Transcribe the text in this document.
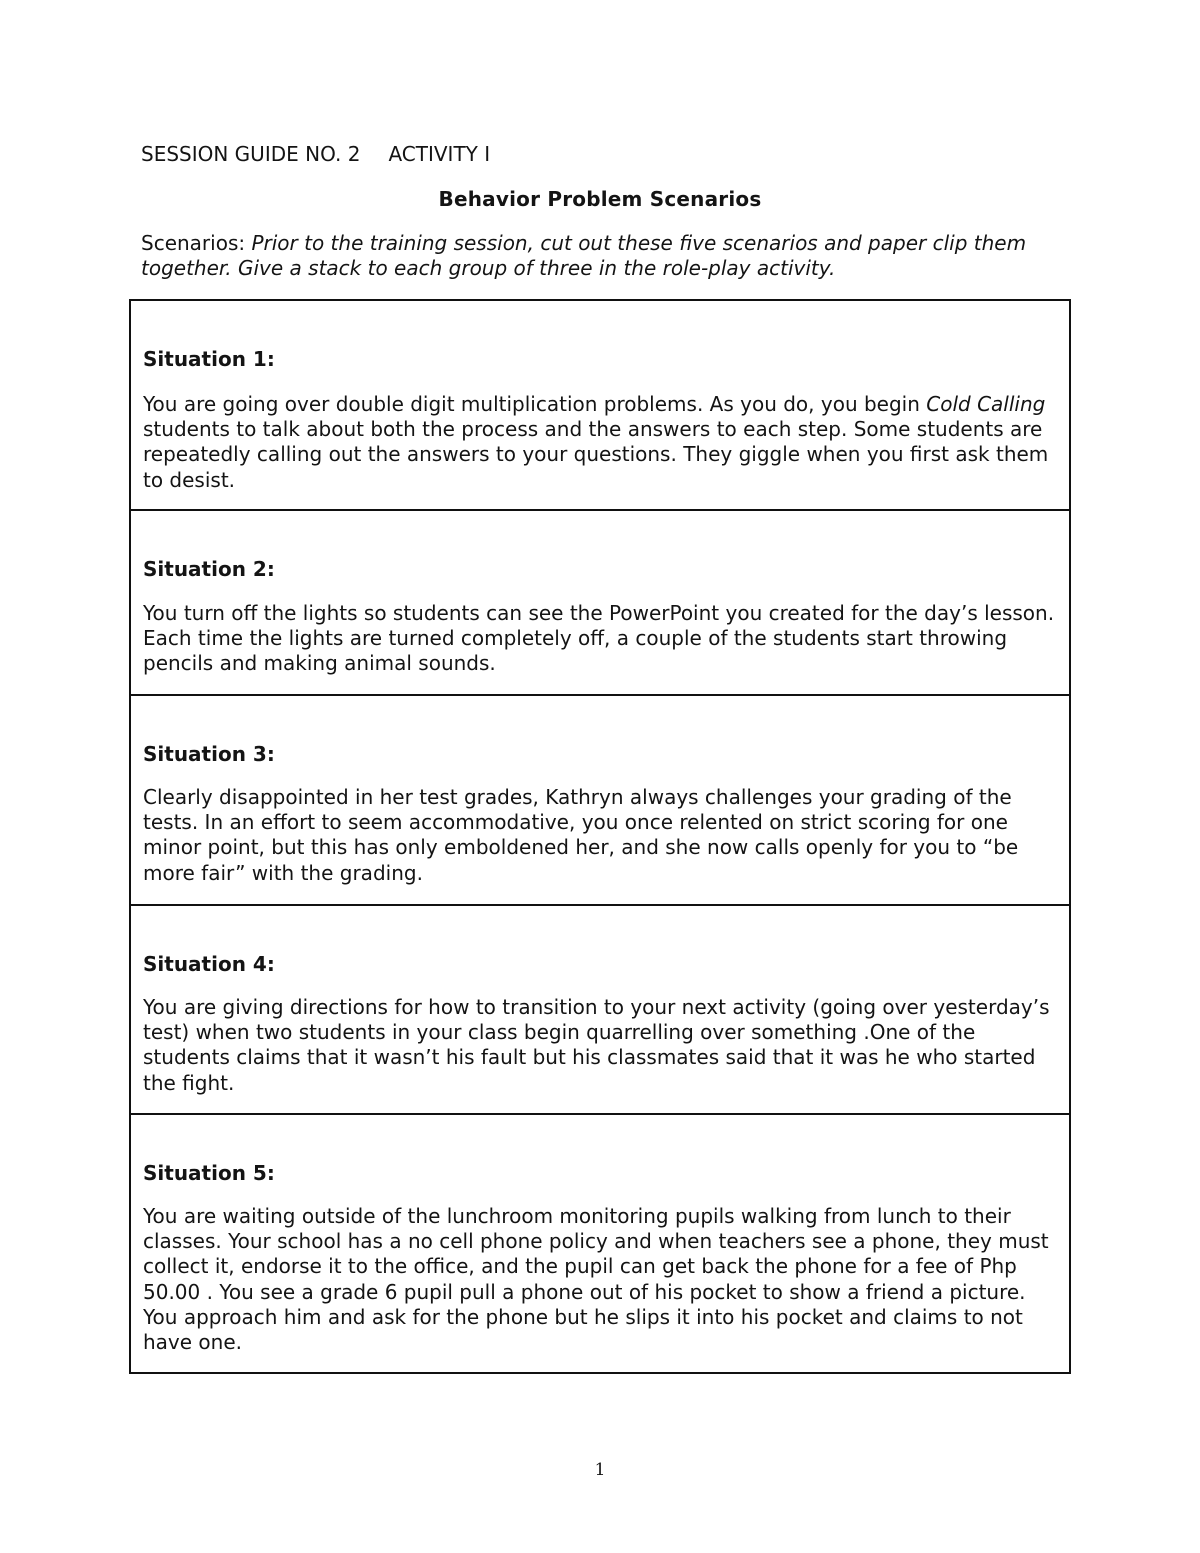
SESSION GUIDE NO. 2 ACTIVITY I

Behavior Problem Scenarios

Scenarios: Prior to the training session, cut out these five scenarios and paper clip them together. Give a stack to each group of three in the role-play activity.

Situation 1:

You are going over double digit multiplication problems. As you do, you begin Cold Calling students to talk about both the process and the answers to each step. Some students are repeatedly calling out the answers to your questions. They giggle when you first ask them to desist.

Situation 2:

You turn off the lights so students can see the PowerPoint you created for the day’s lesson. Each time the lights are turned completely off, a couple of the students start throwing pencils and making animal sounds.

Situation 3:

Clearly disappointed in her test grades, Kathryn always challenges your grading of the tests. In an effort to seem accommodative, you once relented on strict scoring for one minor point, but this has only emboldened her, and she now calls openly for you to “be more fair” with the grading.

Situation 4:

You are giving directions for how to transition to your next activity (going over yesterday’s test) when two students in your class begin quarrelling over something .One of the students claims that it wasn’t his fault but his classmates said that it was he who started the fight.

Situation 5:

You are waiting outside of the lunchroom monitoring pupils walking from lunch to their classes. Your school has a no cell phone policy and when teachers see a phone, they must collect it, endorse it to the office, and the pupil can get back the phone for a fee of Php 50.00 . You see a grade 6 pupil pull a phone out of his pocket to show a friend a picture. You approach him and ask for the phone but he slips it into his pocket and claims to not have one.

1
